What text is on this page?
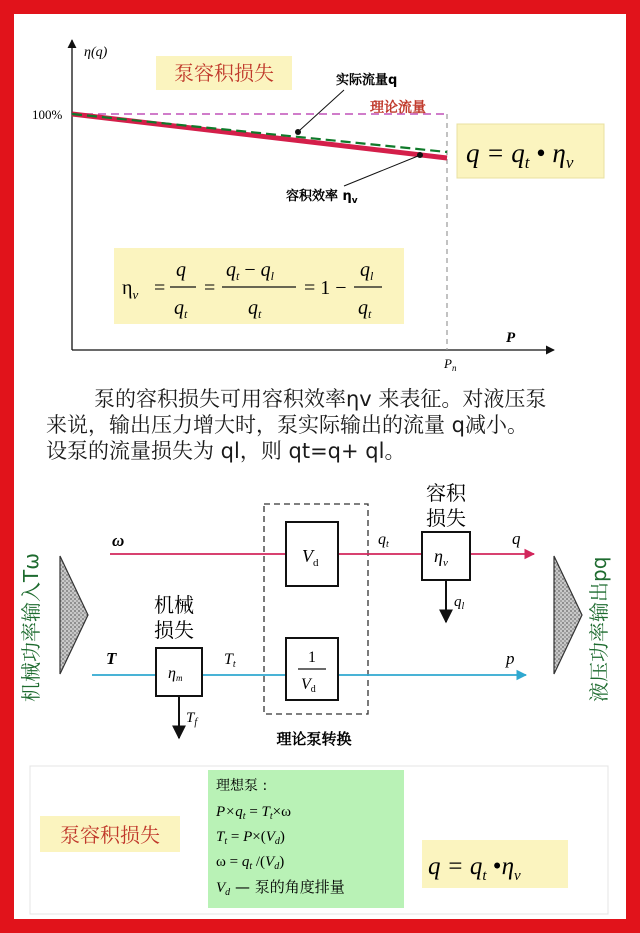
η(q)
P
100%
$P_n$
泵容积损失	实际流量q
理论流量
容积效率 $\eta_v$
$q = q_t$ • $\eta_v$
$\eta_v$ =
q
$q_t$
=
$q_t - q_l$
$q_t$
= 1 −
$q_l$
$q_t$
机械功率输入Tω	液压功率输出pq
理论泵转换
ω	qt	q
T	Tt	p
$V_d$
1
Vd
$\eta_v$
$q_l$
容积
损失
ηm
$T_f$
机械
损失
泵容积损失
理想泵 :
$P\times q_t = T_t\times\omega$
$T_t = P\times(V_d)$
$\omega = q_t$ $/(V_d)$
$V_d$ — 泵的角度排量
$q = q_t$ $•\eta_v$

泵的容积损失可用容积效率ηv 来表征。对液压泵

来说，输出压力增大时，泵实际输出的流量 q减小。

设泵的流量损失为 ql，则 qt=q+ ql。
